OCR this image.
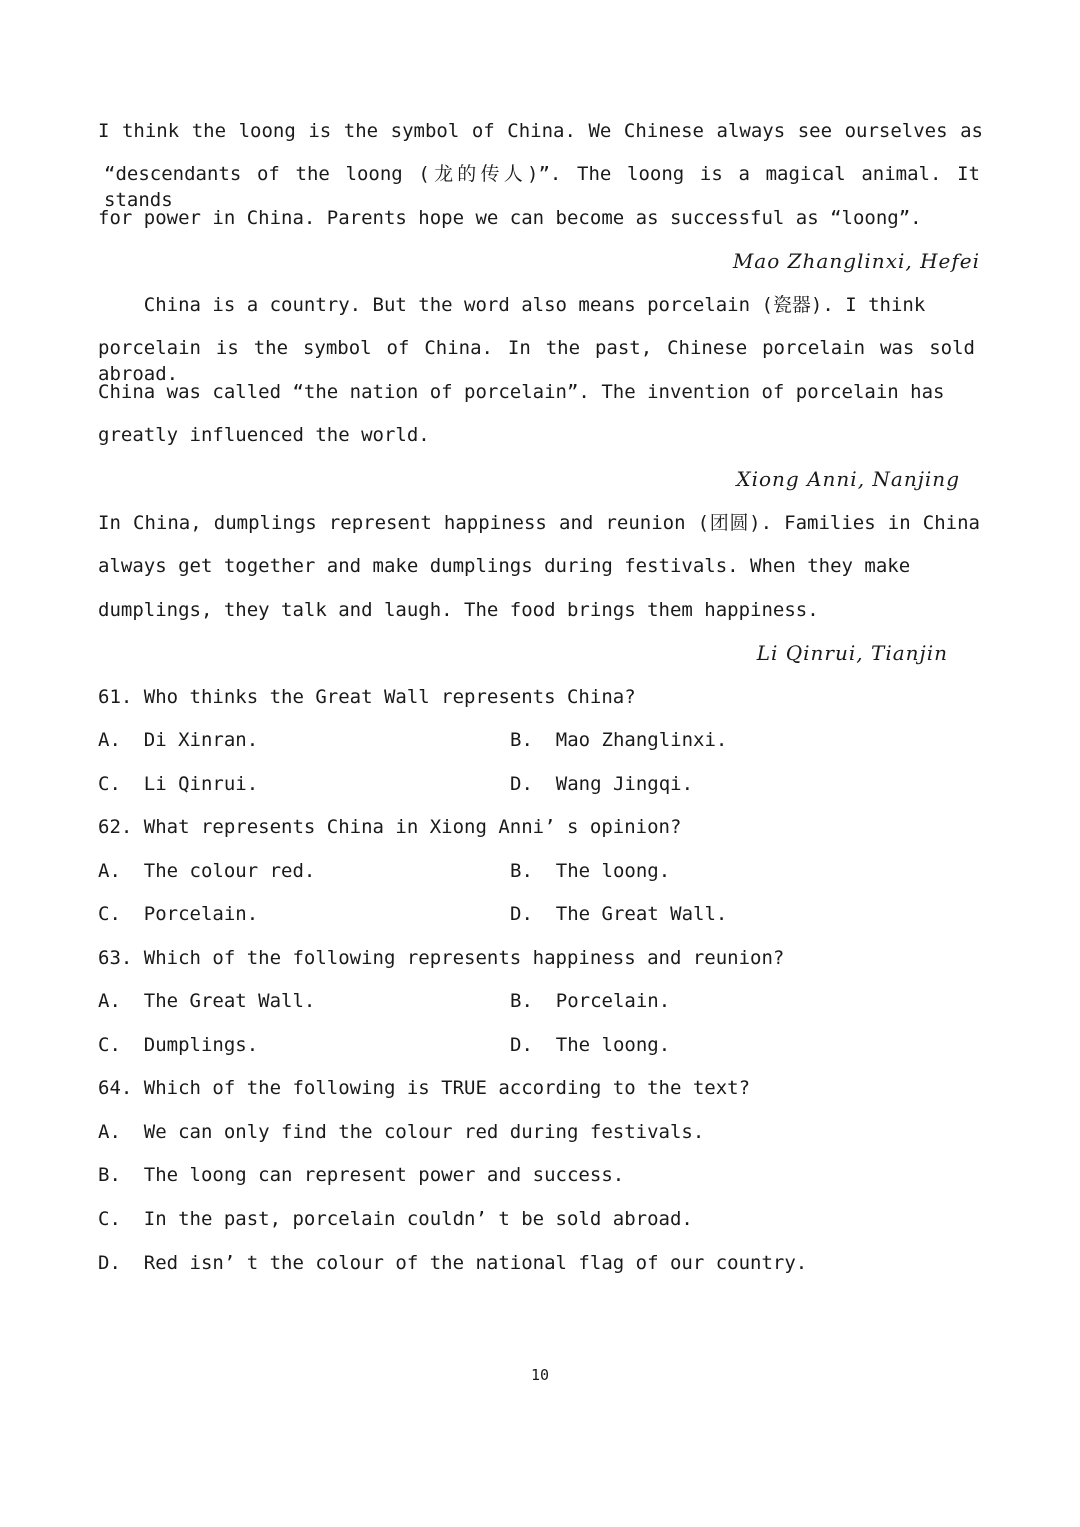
I think the loong is the symbol of China. We Chinese always see ourselves as
“descendants of the loong (龙的传人)”. The loong is a magical animal. It stands
for power in China. Parents hope we can become as successful as “loong”.
Mao Zhanglinxi, Hefei
China is a country. But the word also means porcelain (瓷器). I think
porcelain is the symbol of China. In the past, Chinese porcelain was sold abroad.
China was called “the nation of porcelain”. The invention of porcelain has
greatly influenced the world.
Xiong Anni, Nanjing
In China, dumplings represent happiness and reunion (团圆). Families in China
always get together and make dumplings during festivals. When they make
dumplings, they talk and laugh. The food brings them happiness.
Li Qinrui, Tianjin
61. Who thinks the Great Wall represents China?
A.  Di Xinran.	B.  Mao Zhanglinxi.
C.  Li Qinrui.	D.  Wang Jingqi.
62. What represents China in Xiong Anni’ s opinion?
A.  The colour red.	B.  The loong.
C.  Porcelain.	D.  The Great Wall.
63. Which of the following represents happiness and reunion?
A.  The Great Wall.	B.  Porcelain.
C.  Dumplings.	D.  The loong.
64. Which of the following is TRUE according to the text?
A.  We can only find the colour red during festivals.
B.  The loong can represent power and success.
C.  In the past, porcelain couldn’ t be sold abroad.
D.  Red isn’ t the colour of the national flag of our country.
10
